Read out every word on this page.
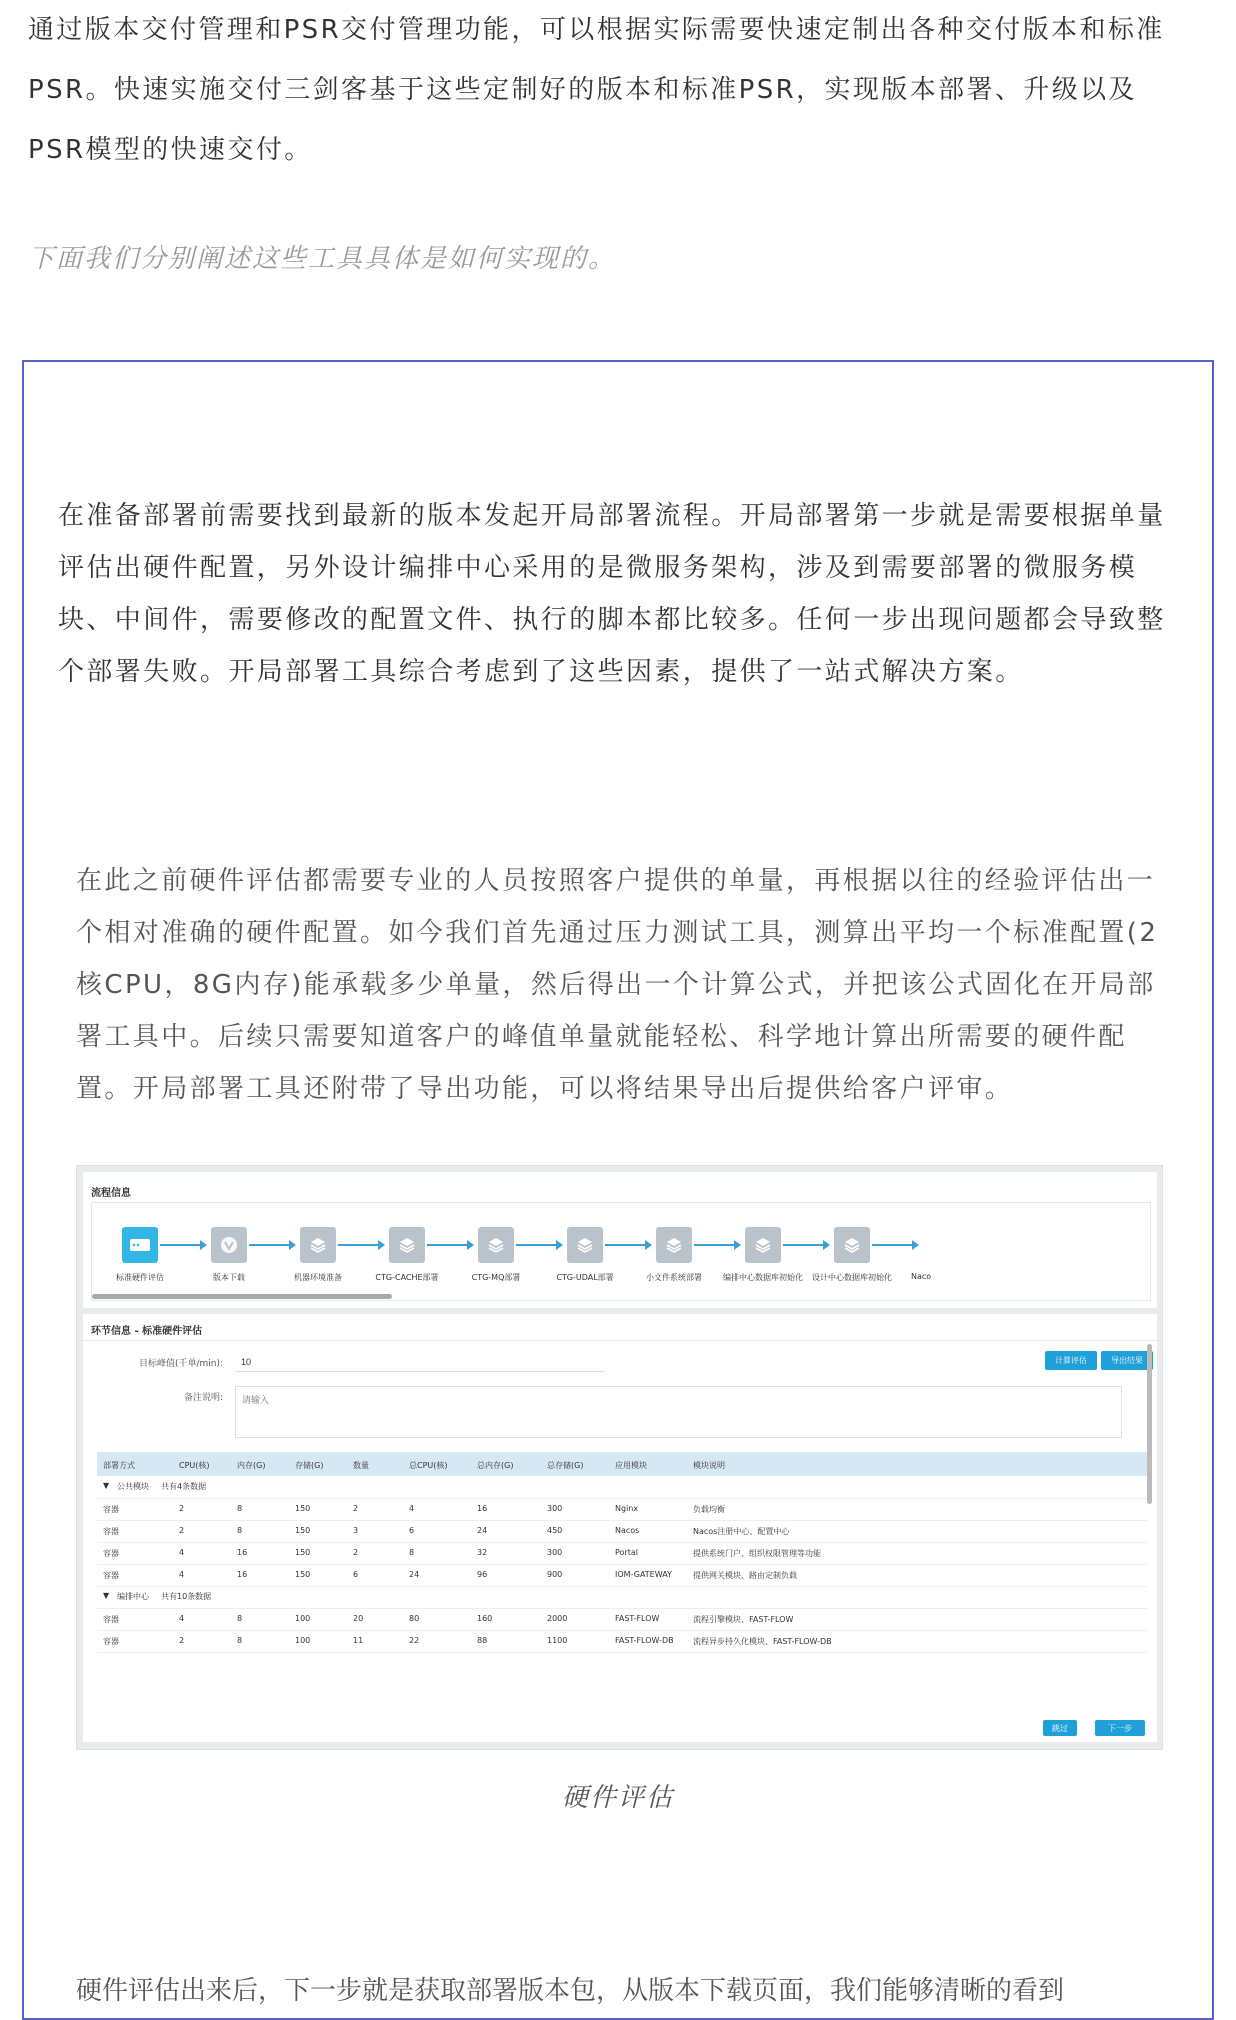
通过版本交付管理和PSR交付管理功能，可以根据实际需要快速定制出各种交付版本和标准

PSR。快速实施交付三剑客基于这些定制好的版本和标准PSR，实现版本部署、升级以及

PSR模型的快速交付。

下面我们分别阐述这些工具具体是如何实现的。

在准备部署前需要找到最新的版本发起开局部署流程。开局部署第一步就是需要根据单量

评估出硬件配置，另外设计编排中心采用的是微服务架构，涉及到需要部署的微服务模

块、中间件，需要修改的配置文件、执行的脚本都比较多。任何一步出现问题都会导致整

个部署失败。开局部署工具综合考虑到了这些因素，提供了一站式解决方案。

在此之前硬件评估都需要专业的人员按照客户提供的单量，再根据以往的经验评估出一

个相对准确的硬件配置。如今我们首先通过压力测试工具，测算出平均一个标准配置(2

核CPU，8G内存)能承载多少单量，然后得出一个计算公式，并把该公式固化在开局部

署工具中。后续只需要知道客户的峰值单量就能轻松、科学地计算出所需要的硬件配

置。开局部署工具还附带了导出功能，可以将结果导出后提供给客户评审。

流程信息
标准硬件评估	版本下载	机器环境准备	CTG-CACHE部署	CTG-MQ部署	CTG-UDAL部署	小文件系统部署	编排中心数据库初始化	设计中心数据库初始化	Naco
环节信息 - 标准硬件评估
目标峰值(千单/min):
10
备注说明:
请输入
计算评估	导出结果
部署方式	CPU(核)	内存(G)	存储(G)	数量	总CPU(核)	总内存(G)	总存储(G)	应用模块	模块说明
▼ 公共模块 共有4条数据
容器	2	8	150	2	4	16	300	Nginx	负载均衡
容器	2	8	150	3	6	24	450	Nacos	Nacos注册中心、配置中心
容器	4	16	150	2	8	32	300	Portal	提供系统门户、组织权限管理等功能
容器	4	16	150	6	24	96	900	IOM-GATEWAY	提供网关模块、路由定制负载
▼ 编排中心 共有10条数据
容器	4	8	100	20	80	160	2000	FAST-FLOW	流程引擎模块、FAST-FLOW
容器	2	8	100	11	22	88	1100	FAST-FLOW-DB 流程异步持久化模块、FAST-FLOW-DB
跳过	下一步
硬件评估
硬件评估出来后，下一步就是获取部署版本包，从版本下载页面，我们能够清晰的看到
